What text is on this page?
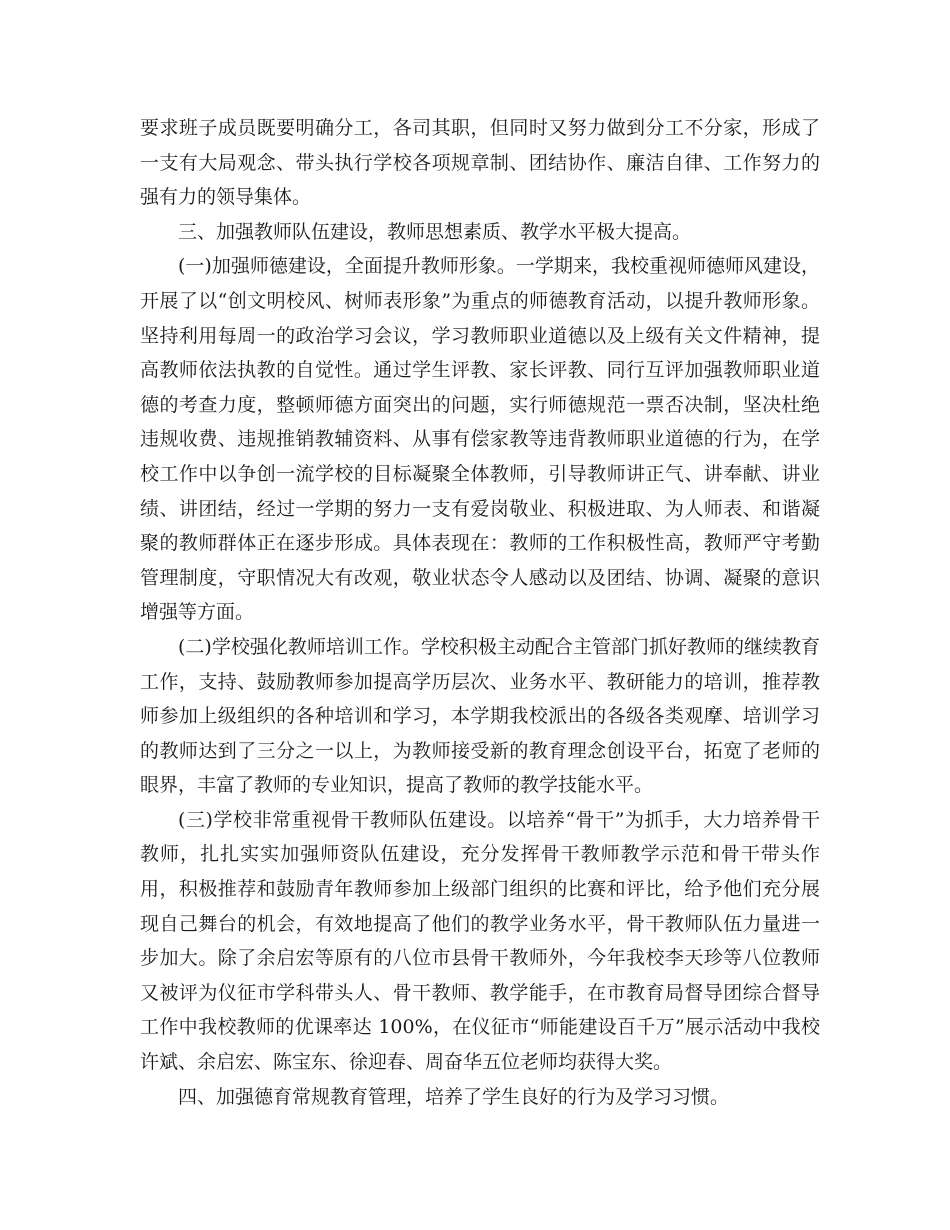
要求班子成员既要明确分工，各司其职，但同时又努力做到分工不分家，形成了一支有大局观念、带头执行学校各项规章制、团结协作、廉洁自律、工作努力的强有力的领导集体。

三、加强教师队伍建设，教师思想素质、教学水平极大提高。

(一)加强师德建设，全面提升教师形象。一学期来，我校重视师德师风建设，开展了以“创文明校风、树师表形象”为重点的师德教育活动，以提升教师形象。坚持利用每周一的政治学习会议，学习教师职业道德以及上级有关文件精神，提高教师依法执教的自觉性。通过学生评教、家长评教、同行互评加强教师职业道德的考查力度，整顿师德方面突出的问题，实行师德规范一票否决制，坚决杜绝违规收费、违规推销教辅资料、从事有偿家教等违背教师职业道德的行为，在学校工作中以争创一流学校的目标凝聚全体教师，引导教师讲正气、讲奉献、讲业绩、讲团结，经过一学期的努力一支有爱岗敬业、积极进取、为人师表、和谐凝聚的教师群体正在逐步形成。具体表现在：教师的工作积极性高，教师严守考勤管理制度，守职情况大有改观，敬业状态令人感动以及团结、协调、凝聚的意识增强等方面。

(二)学校强化教师培训工作。学校积极主动配合主管部门抓好教师的继续教育工作，支持、鼓励教师参加提高学历层次、业务水平、教研能力的培训，推荐教师参加上级组织的各种培训和学习，本学期我校派出的各级各类观摩、培训学习的教师达到了三分之一以上，为教师接受新的教育理念创设平台，拓宽了老师的眼界，丰富了教师的专业知识，提高了教师的教学技能水平。

(三)学校非常重视骨干教师队伍建设。以培养“骨干”为抓手，大力培养骨干教师，扎扎实实加强师资队伍建设，充分发挥骨干教师教学示范和骨干带头作用，积极推荐和鼓励青年教师参加上级部门组织的比赛和评比，给予他们充分展现自己舞台的机会，有效地提高了他们的教学业务水平，骨干教师队伍力量进一步加大。除了余启宏等原有的八位市县骨干教师外，今年我校李天珍等八位教师又被评为仪征市学科带头人、骨干教师、教学能手，在市教育局督导团综合督导工作中我校教师的优课率达 100%，在仪征市“师能建设百千万”展示活动中我校许斌、余启宏、陈宝东、徐迎春、周奋华五位老师均获得大奖。

四、加强德育常规教育管理，培养了学生良好的行为及学习习惯。
